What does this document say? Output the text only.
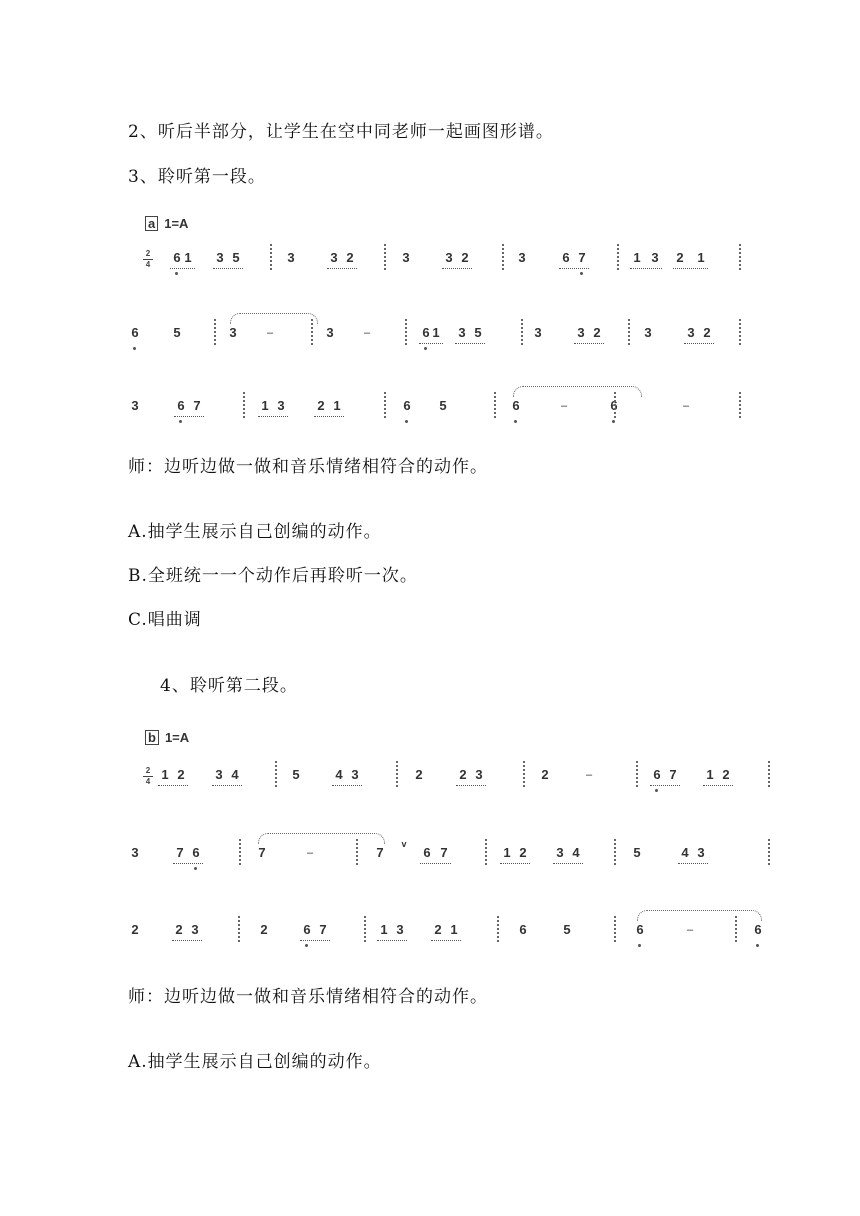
2、听后半部分，让学生在空中同老师一起画图形谱。
3、聆听第一段。
a 1=A
2
4 6 1 3 5	3	3 2	3	3 2	3	6 7	1 3 2 1
6	5	3	–	3	–	6 1 3 5	3	3 2	3	3 2
3	6 7	1 3	2 1	6 5	6	–	6	–
师：边听边做一做和音乐情绪相符合的动作。
A.抽学生展示自己创编的动作。
B.全班统一一个动作后再聆听一次。
C.唱曲调
4、聆听第二段。
b 1=A
2
4 1 2 3 4	5	4 3	2	2 3	2	–	6 7 1 2
3	7 6	7	–	7	6 7	1 2 3 4	5	4 3
v
2	2 3	2	6 7	1 3 2 1	6	5	6	–	6
师：边听边做一做和音乐情绪相符合的动作。
A.抽学生展示自己创编的动作。
